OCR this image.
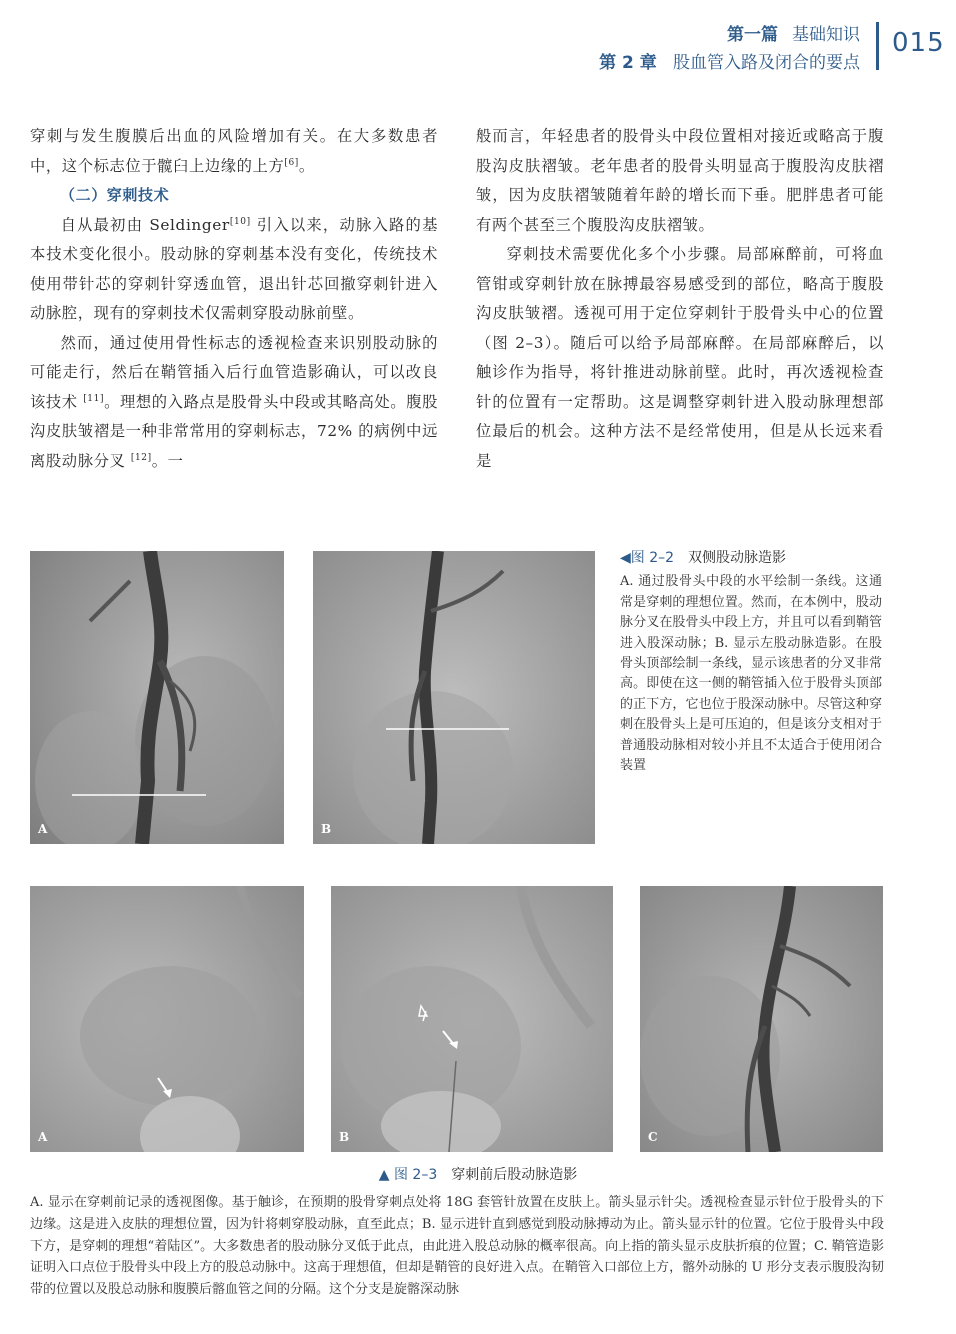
第一篇 基础知识
第 2 章 股血管入路及闭合的要点
015

穿刺与发生腹膜后出血的风险增加有关。在大多数患者中，这个标志位于髋臼上边缘的上方[6]。

（二）穿刺技术

自从最初由 Seldinger[10] 引入以来，动脉入路的基本技术变化很小。股动脉的穿刺基本没有变化，传统技术使用带针芯的穿刺针穿透血管，退出针芯回撤穿刺针进入动脉腔，现有的穿刺技术仅需刺穿股动脉前壁。

然而，通过使用骨性标志的透视检查来识别股动脉的可能走行，然后在鞘管插入后行血管造影确认，可以改良该技术 [11]。理想的入路点是股骨头中段或其略高处。腹股沟皮肤皱褶是一种非常常用的穿刺标志，72% 的病例中远离股动脉分叉 [12]。一

般而言，年轻患者的股骨头中段位置相对接近或略高于腹股沟皮肤褶皱。老年患者的股骨头明显高于腹股沟皮肤褶皱，因为皮肤褶皱随着年龄的增长而下垂。肥胖患者可能有两个甚至三个腹股沟皮肤褶皱。

穿刺技术需要优化多个小步骤。局部麻醉前，可将血管钳或穿刺针放在脉搏最容易感受到的部位，略高于腹股沟皮肤皱褶。透视可用于定位穿刺针于股骨头中心的位置（图 2–3）。随后可以给予局部麻醉。在局部麻醉后，以触诊作为指导，将针推进动脉前壁。此时，再次透视检查针的位置有一定帮助。这是调整穿刺针进入股动脉理想部位最后的机会。这种方法不是经常使用，但是从长远来看是

A	B
◀图 2–2 双侧股动脉造影
A. 通过股骨头中段的水平绘制一条线。这通常是穿刺的理想位置。然而，在本例中，股动脉分叉在股骨头中段上方，并且可以看到鞘管进入股深动脉；B. 显示左股动脉造影。在股骨头顶部绘制一条线，显示该患者的分叉非常高。即使在这一侧的鞘管插入位于股骨头顶部的正下方，它也位于股深动脉中。尽管这种穿刺在股骨头上是可压迫的，但是该分支相对于普通股动脉相对较小并且不太适合于使用闭合装置
A	B	C
▲ 图 2–3 穿刺前后股动脉造影
A. 显示在穿刺前记录的透视图像。基于触诊，在预期的股骨穿刺点处将 18G 套管针放置在皮肤上。箭头显示针尖。透视检查显示针位于股骨头的下边缘。这是进入皮肤的理想位置，因为针将刺穿股动脉，直至此点；B. 显示进针直到感觉到股动脉搏动为止。箭头显示针的位置。它位于股骨头中段下方，是穿刺的理想“着陆区”。大多数患者的股动脉分叉低于此点，由此进入股总动脉的概率很高。向上指的箭头显示皮肤折痕的位置；C. 鞘管造影证明入口点位于股骨头中段上方的股总动脉中。这高于理想值，但却是鞘管的良好进入点。在鞘管入口部位上方，髂外动脉的 U 形分支表示腹股沟韧带的位置以及股总动脉和腹膜后髂血管之间的分隔。这个分支是旋髂深动脉
